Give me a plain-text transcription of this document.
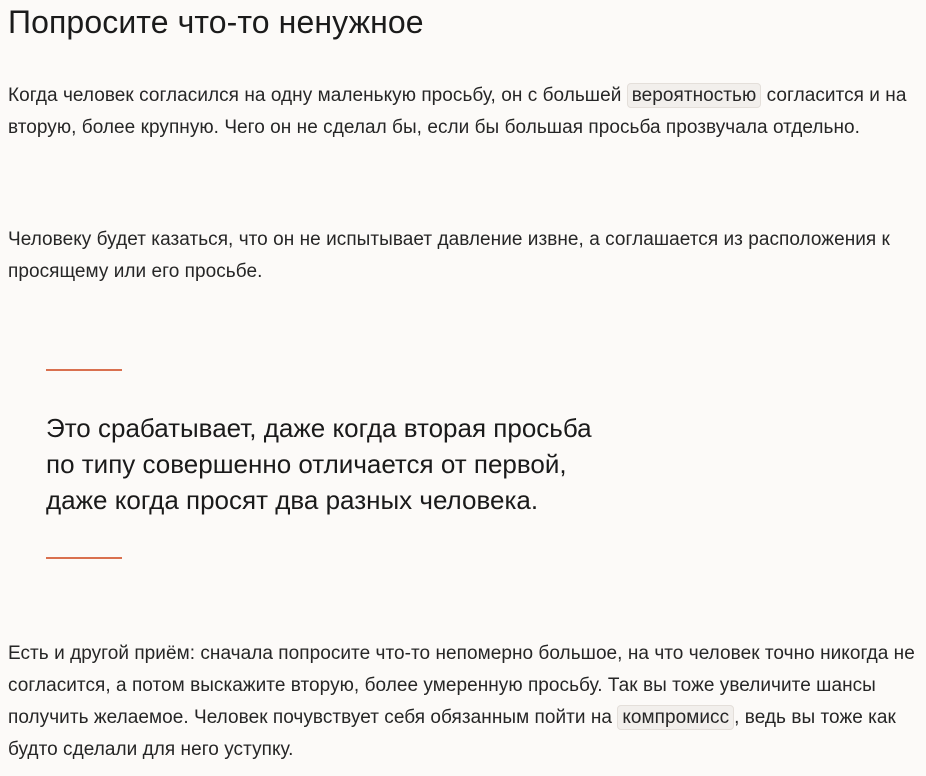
Попросите что-то ненужное

Когда человек согласился на одну маленькую просьбу, он с большей вероятностью согласится и на вторую, более крупную. Чего он не сделал бы, если бы большая просьба прозвучала отдельно.

Человеку будет казаться, что он не испытывает давление извне, а соглашается из расположения к просящему или его просьбе.

Это срабатывает, даже когда вторая просьба
по типу совершенно отличается от первой,
даже когда просят два разных человека.

Есть и другой приём: сначала попросите что-то непомерно большое, на что человек точно никогда не согласится, а потом выскажите вторую, более умеренную просьбу. Так вы тоже увеличите шансы получить желаемое. Человек почувствует себя обязанным пойти на компромисс , ведь вы тоже как будто сделали для него уступку.
